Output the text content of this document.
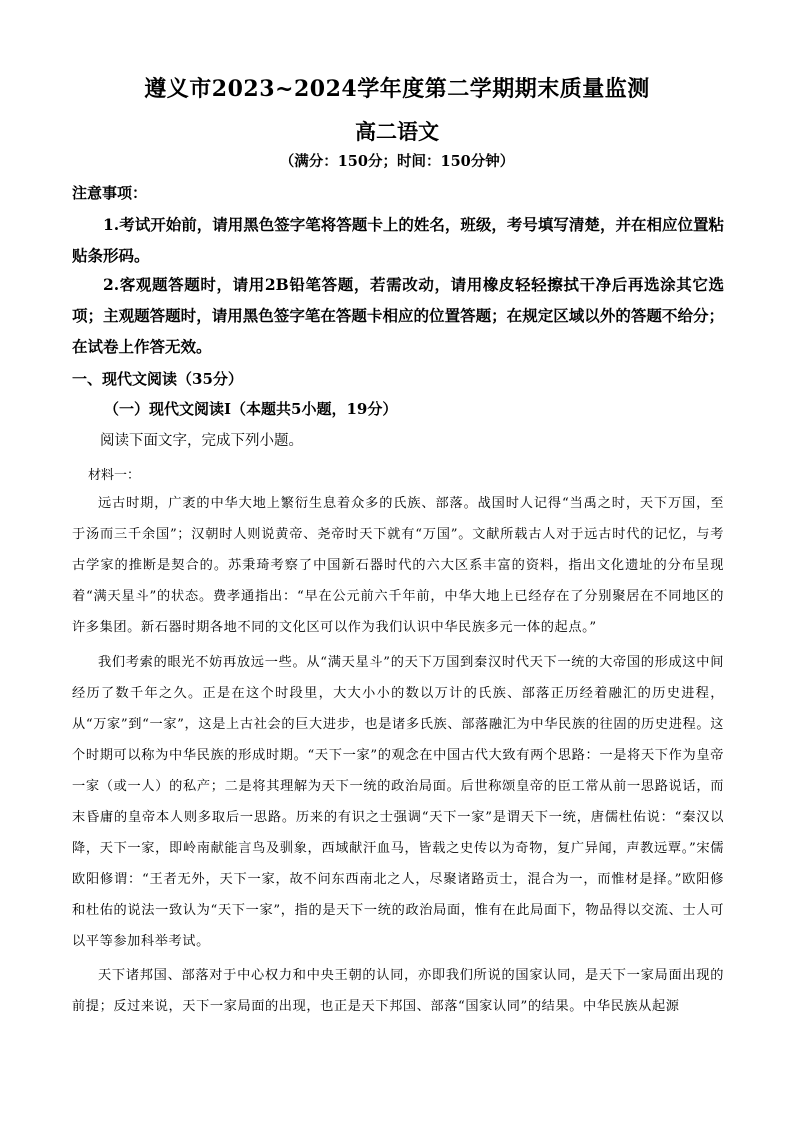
遵义市2023~2024学年度第二学期期末质量监测
高二语文
（满分：150分；时间：150分钟）
注意事项：
1.考试开始前，请用黑色签字笔将答题卡上的姓名，班级，考号填写清楚，并在相应位置粘贴条形码。
2.客观题答题时，请用2B铅笔答题，若需改动，请用橡皮轻轻擦拭干净后再选涂其它选项；主观题答题时，请用黑色签字笔在答题卡相应的位置答题；在规定区域以外的答题不给分；在试卷上作答无效。
一、现代文阅读（35分）
（一）现代文阅读Ⅰ（本题共5小题，19分）
阅读下面文字，完成下列小题。
材料一：
远古时期，广袤的中华大地上繁衍生息着众多的氏族、部落。战国时人记得“当禹之时，天下万国，至于汤而三千余国”；汉朝时人则说黄帝、尧帝时天下就有“万国”。文献所载古人对于远古时代的记忆，与考古学家的推断是契合的。苏秉琦考察了中国新石器时代的六大区系丰富的资料，指出文化遗址的分布呈现着“满天星斗”的状态。费孝通指出：“早在公元前六千年前，中华大地上已经存在了分别聚居在不同地区的许多集团。新石器时期各地不同的文化区可以作为我们认识中华民族多元一体的起点。”
我们考索的眼光不妨再放远一些。从“满天星斗”的天下万国到秦汉时代天下一统的大帝国的形成这中间经历了数千年之久。正是在这个时段里，大大小小的数以万计的氏族、部落正历经着融汇的历史进程，从“万家”到“一家”，这是上古社会的巨大进步，也是诸多氏族、部落融汇为中华民族的往固的历史进程。这个时期可以称为中华民族的形成时期。“天下一家”的观念在中国古代大致有两个思路：一是将天下作为皇帝一家（或一人）的私产；二是将其理解为天下一统的政治局面。后世称颂皇帝的臣工常从前一思路说话，而末昏庸的皇帝本人则多取后一思路。历来的有识之士强调“天下一家”是谓天下一统，唐儒杜佑说：“秦汉以降，天下一家，即岭南献能言鸟及驯象，西域献汗血马，皆载之史传以为奇物，复广异闻，声教远覃。”宋儒欧阳修谓：“王者无外，天下一家，故不问东西南北之人，尽聚诸路贡士，混合为一，而惟材是择。”欧阳修和杜佑的说法一致认为“天下一家”，指的是天下一统的政治局面，惟有在此局面下，物品得以交流、士人可以平等参加科举考试。
天下诸邦国、部落对于中心权力和中央王朝的认同，亦即我们所说的国家认同，是天下一家局面出现的前提；反过来说，天下一家局面的出现，也正是天下邦国、部落“国家认同”的结果。中华民族从起源
